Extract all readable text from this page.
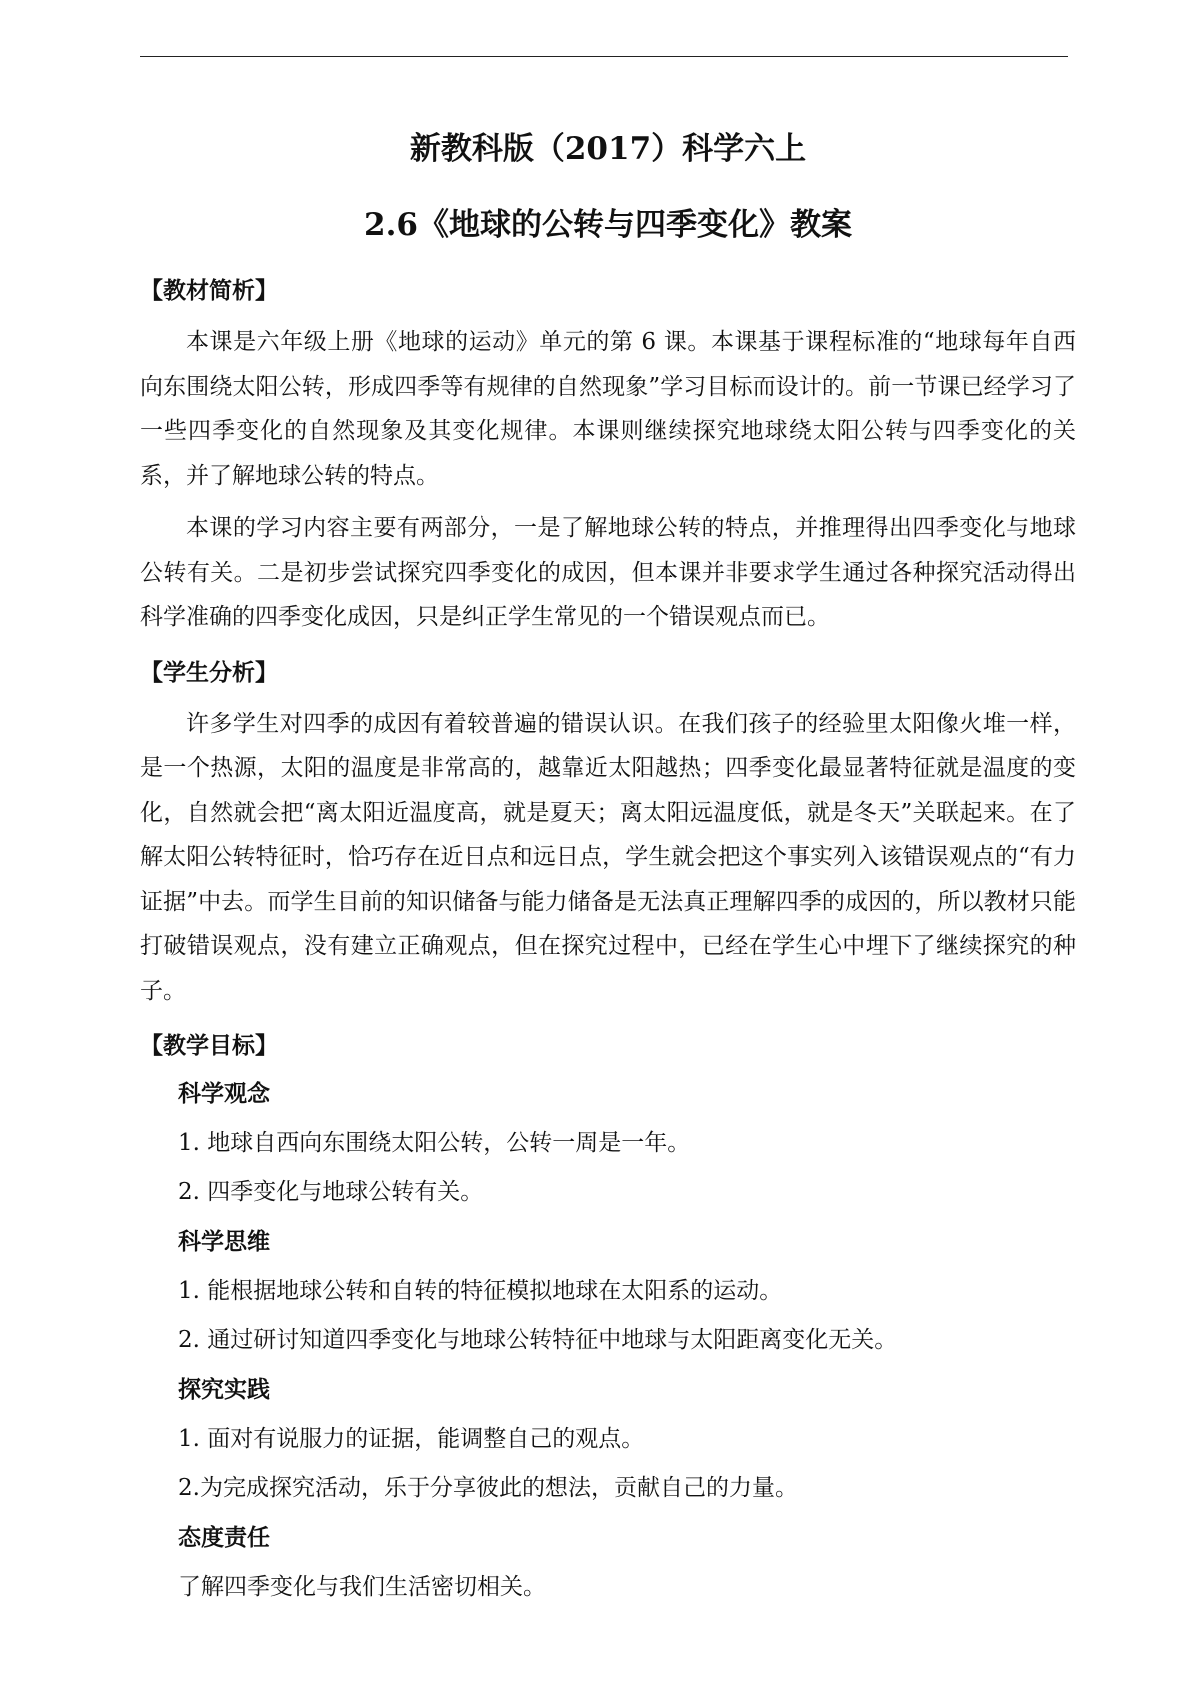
新教科版（2017）科学六上
2.6《地球的公转与四季变化》教案
【教材简析】

本课是六年级上册《地球的运动》单元的第 6 课。本课基于课程标准的“地球每年自西向东围绕太阳公转，形成四季等有规律的自然现象”学习目标而设计的。前一节课已经学习了一些四季变化的自然现象及其变化规律。本课则继续探究地球绕太阳公转与四季变化的关系，并了解地球公转的特点。

本课的学习内容主要有两部分，一是了解地球公转的特点，并推理得出四季变化与地球公转有关。二是初步尝试探究四季变化的成因，但本课并非要求学生通过各种探究活动得出科学准确的四季变化成因，只是纠正学生常见的一个错误观点而已。

【学生分析】

许多学生对四季的成因有着较普遍的错误认识。在我们孩子的经验里太阳像火堆一样，是一个热源，太阳的温度是非常高的，越靠近太阳越热；四季变化最显著特征就是温度的变化，自然就会把“离太阳近温度高，就是夏天；离太阳远温度低，就是冬天”关联起来。在了解太阳公转特征时，恰巧存在近日点和远日点，学生就会把这个事实列入该错误观点的“有力证据”中去。而学生目前的知识储备与能力储备是无法真正理解四季的成因的，所以教材只能打破错误观点，没有建立正确观点，但在探究过程中，已经在学生心中埋下了继续探究的种子。

【教学目标】
科学观念
1. 地球自西向东围绕太阳公转，公转一周是一年。
2. 四季变化与地球公转有关。
科学思维
1. 能根据地球公转和自转的特征模拟地球在太阳系的运动。
2. 通过研讨知道四季变化与地球公转特征中地球与太阳距离变化无关。
探究实践
1. 面对有说服力的证据，能调整自己的观点。
2.为完成探究活动，乐于分享彼此的想法，贡献自己的力量。
态度责任
了解四季变化与我们生活密切相关。
